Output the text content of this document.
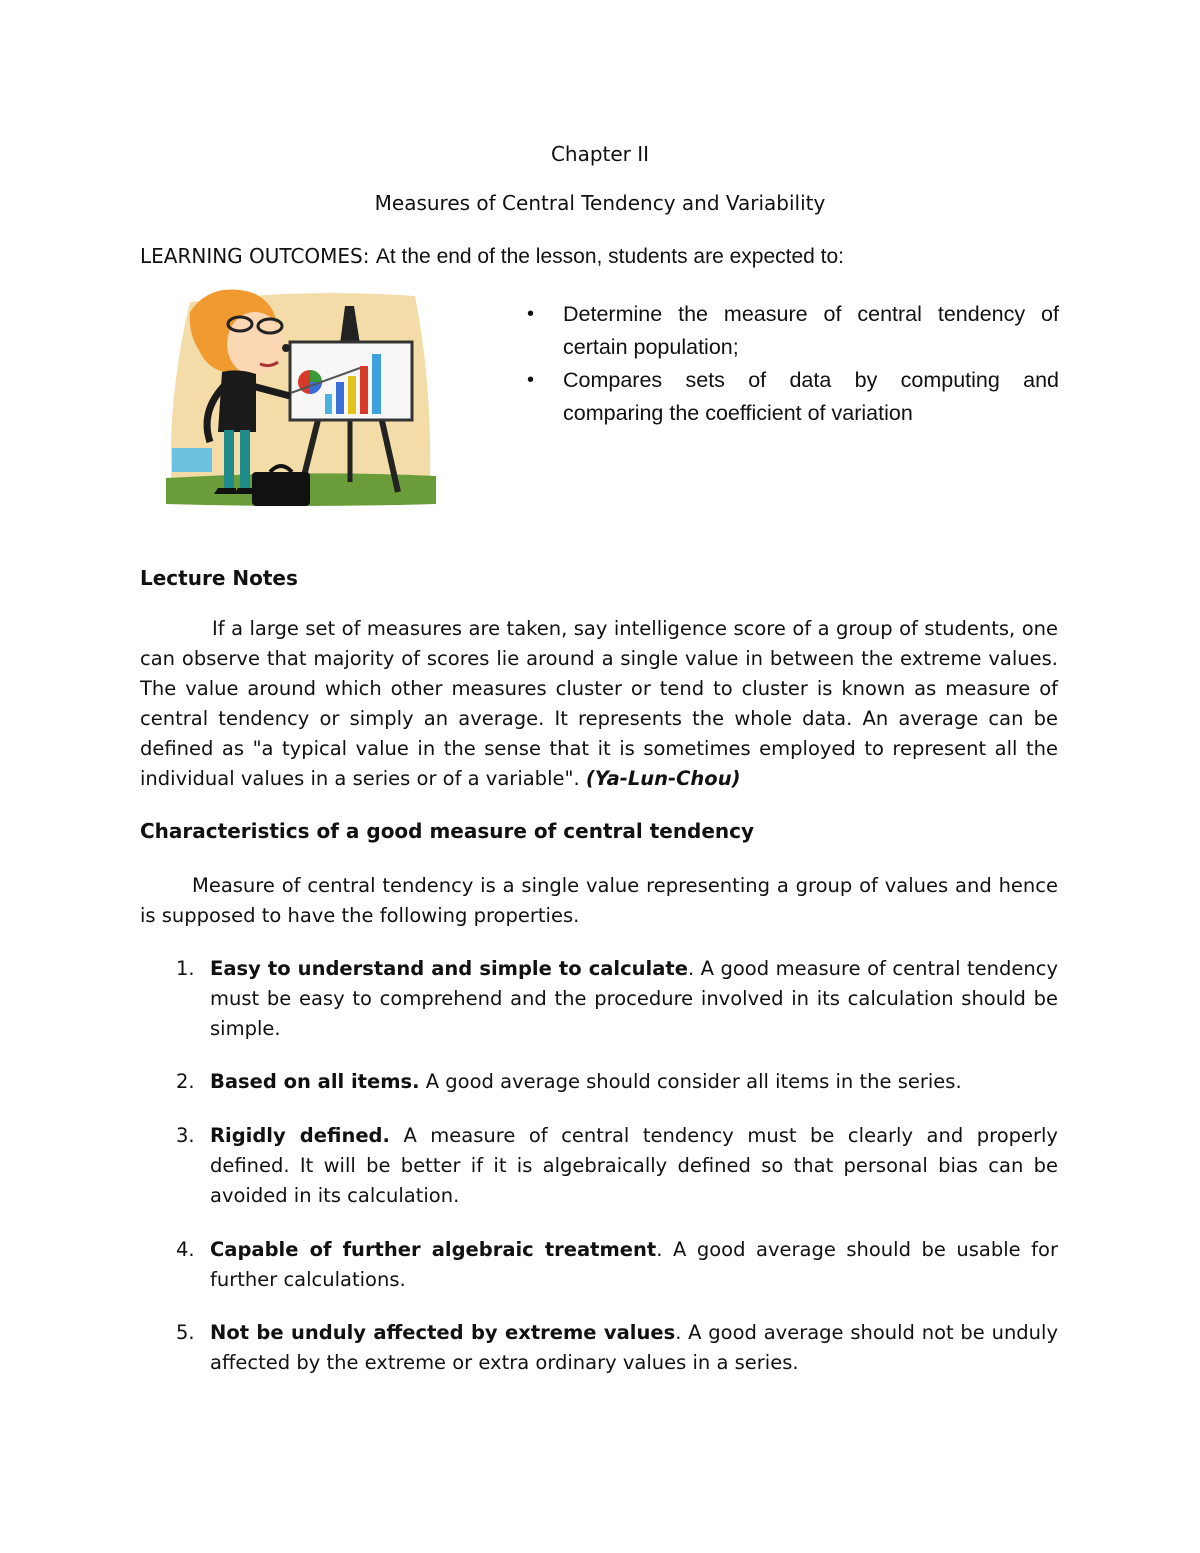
Chapter II
Measures of Central Tendency and Variability
LEARNING OUTCOMES: At the end of the lesson, students are expected to:
• Determine the measure of central tendency of certain population;
• Compares sets of data by computing and comparing the coefficient of variation
Lecture Notes
If a large set of measures are taken, say intelligence score of a group of students, one can observe that majority of scores lie around a single value in between the extreme values. The value around which other measures cluster or tend to cluster is known as measure of central tendency or simply an average. It represents the whole data. An average can be defined as "a typical value in the sense that it is sometimes employed to represent all the individual values in a series or of a variable". (Ya-Lun-Chou)
Characteristics of a good measure of central tendency
Measure of central tendency is a single value representing a group of values and hence is supposed to have the following properties.
1. Easy to understand and simple to calculate. A good measure of central tendency must be easy to comprehend and the procedure involved in its calculation should be simple.
2. Based on all items. A good average should consider all items in the series.
3. Rigidly defined. A measure of central tendency must be clearly and properly defined. It will be better if it is algebraically defined so that personal bias can be avoided in its calculation.
4. Capable of further algebraic treatment. A good average should be usable for further calculations.
5. Not be unduly affected by extreme values. A good average should not be unduly affected by the extreme or extra ordinary values in a series.
